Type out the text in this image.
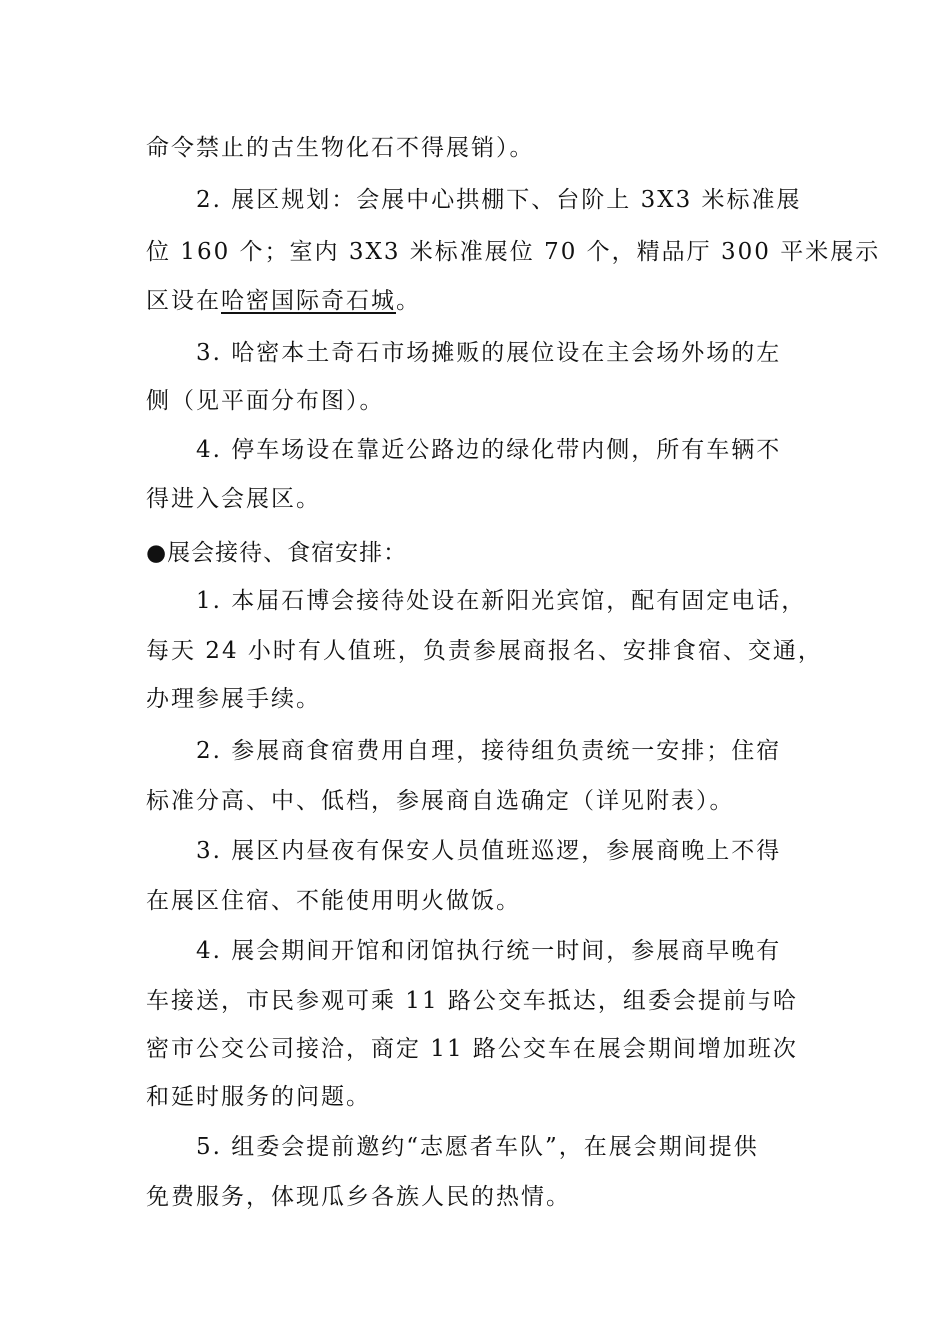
命令禁止的古生物化石不得展销）。
2. 展区规划：会展中心拱棚下、台阶上 3X3 米标准展
位 160 个；室内 3X3 米标准展位 70 个，精品厅 300 平米展示
区设在哈密国际奇石城。
3. 哈密本土奇石市场摊贩的展位设在主会场外场的左
侧（见平面分布图）。
4. 停车场设在靠近公路边的绿化带内侧，所有车辆不
得进入会展区。
●展会接待、食宿安排：
1. 本届石博会接待处设在新阳光宾馆，配有固定电话，
每天 24 小时有人值班，负责参展商报名、安排食宿、交通，
办理参展手续。
2. 参展商食宿费用自理，接待组负责统一安排；住宿
标准分高、中、低档，参展商自选确定（详见附表）。
3. 展区内昼夜有保安人员值班巡逻，参展商晚上不得
在展区住宿、不能使用明火做饭。
4. 展会期间开馆和闭馆执行统一时间，参展商早晚有
车接送，市民参观可乘 11 路公交车抵达，组委会提前与哈
密市公交公司接洽，商定 11 路公交车在展会期间增加班次
和延时服务的问题。
5. 组委会提前邀约“志愿者车队”，在展会期间提供
免费服务，体现瓜乡各族人民的热情。
